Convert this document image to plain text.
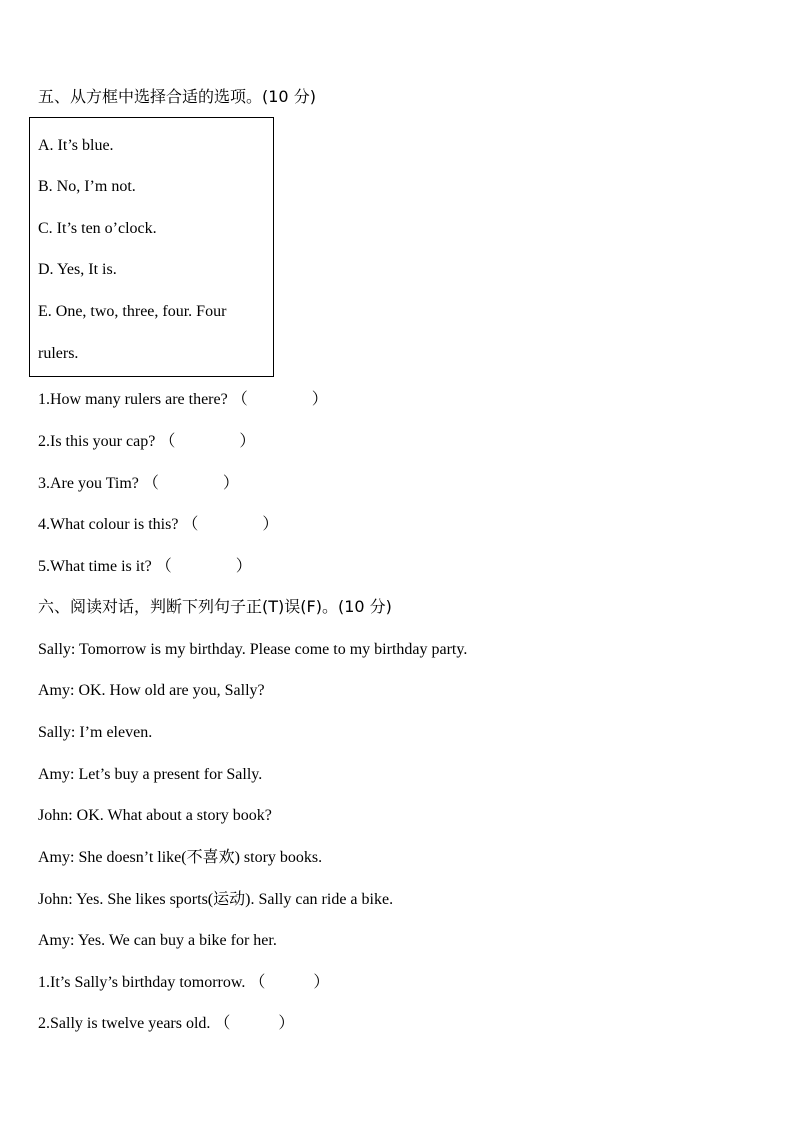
五、从方框中选择合适的选项。(10 分)
A. It’s blue.
B. No, I’m not.
C. It’s ten o’clock.
D. Yes, It is.
E. One, two, three, four. Four
rulers.
1.How many rulers are there? （　　　　）
2.Is this your cap? （　　　　）
3.Are you Tim? （　　　　）
4.What colour is this? （　　　　）
5.What time is it? （　　　　）
六、阅读对话，判断下列句子正(T)误(F)。(10 分)
Sally: Tomorrow is my birthday. Please come to my birthday party.
Amy: OK. How old are you, Sally?
Sally: I’m eleven.
Amy: Let’s buy a present for Sally.
John: OK. What about a story book?
Amy: She doesn’t like(不喜欢) story books.
John: Yes. She likes sports(运动). Sally can ride a bike.
Amy: Yes. We can buy a bike for her.
1.It’s Sally’s birthday tomorrow. （　　　）
2.Sally is twelve years old. （　　　）
